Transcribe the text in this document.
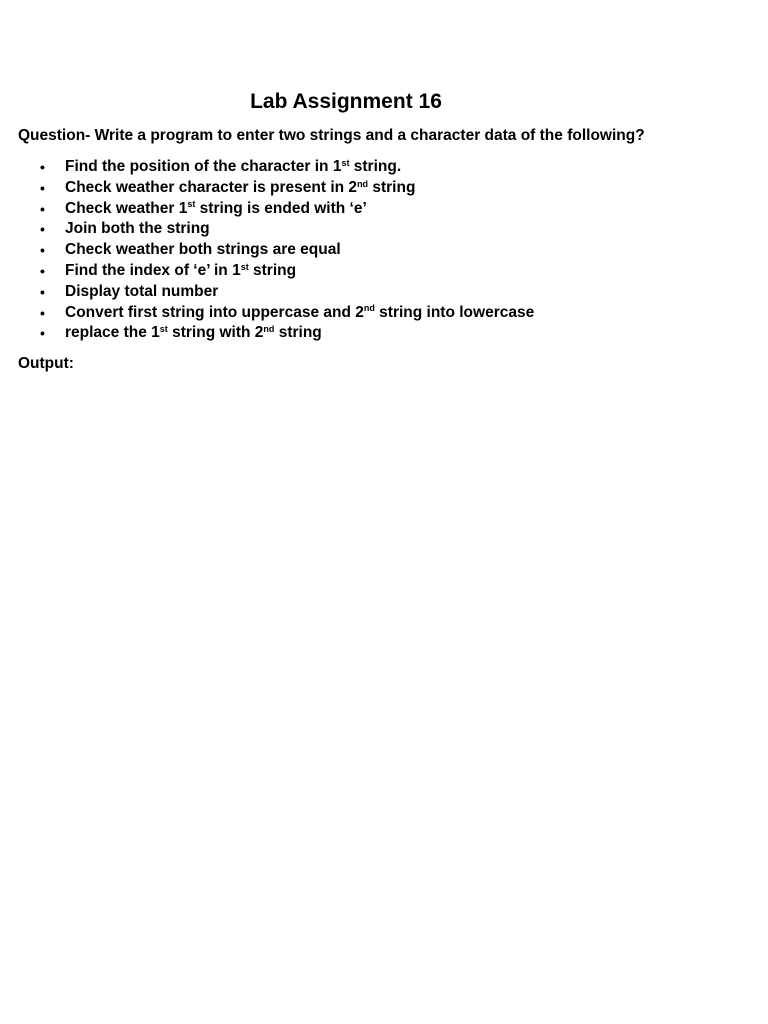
Lab Assignment 16

Question- Write a program to enter two strings and a character data of the following?

• Find the position of the character in 1st string.
• Check weather character is present in 2nd string
• Check weather 1st string is ended with ‘e’
• Join both the string
• Check weather both strings are equal
• Find the index of ‘e’ in 1st string
• Display total number
• Convert first string into uppercase and 2nd string into lowercase
• replace the 1st string with 2nd string

Output:
